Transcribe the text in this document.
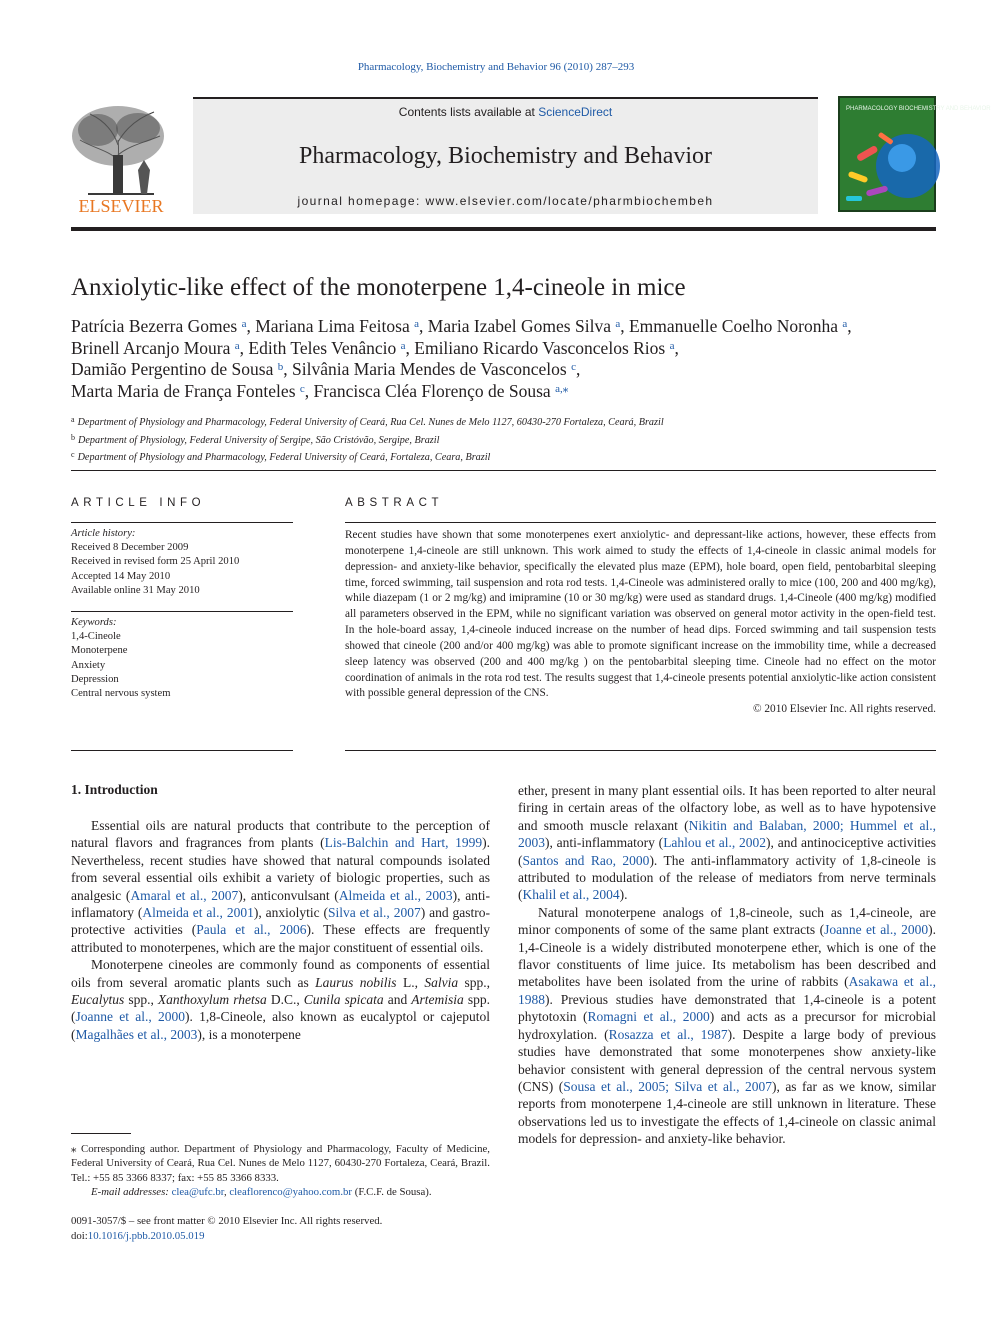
Pharmacology, Biochemistry and Behavior 96 (2010) 287–293
ELSEVIER
Contents lists available at ScienceDirect
Pharmacology, Biochemistry and Behavior
journal homepage: www.elsevier.com/locate/pharmbiochembeh
PHARMACOLOGY BIOCHEMISTRY AND BEHAVIOR
Anxiolytic-like effect of the monoterpene 1,4-cineole in mice
Patrícia Bezerra Gomes $^a$, Mariana Lima Feitosa $^a$, Maria Izabel Gomes Silva $^a$, Emmanuelle Coelho Noronha $^a$,
Brinell Arcanjo Moura $^a$, Edith Teles Venâncio $^a$, Emiliano Ricardo Vasconcelos Rios $^a$,
Damião Pergentino de Sousa $^b$, Silvânia Maria Mendes de Vasconcelos $^c$,
Marta Maria de França Fonteles $^c$, Francisca Cléa Florenço de Sousa $^{a,⁎}$
$^a$ Department of Physiology and Pharmacology, Federal University of Ceará, Rua Cel. Nunes de Melo 1127, 60430-270 Fortaleza, Ceará, Brazil
$^b$ Department of Physiology, Federal University of Sergipe, São Cristóvão, Sergipe, Brazil
$^c$ Department of Physiology and Pharmacology, Federal University of Ceará, Fortaleza, Ceara, Brazil
ARTICLE INFO
Article history:
Received 8 December 2009
Received in revised form 25 April 2010
Accepted 14 May 2010
Available online 31 May 2010
Keywords:
1,4-Cineole
Monoterpene
Anxiety
Depression
Central nervous system
ABSTRACT
Recent studies have shown that some monoterpenes exert anxiolytic- and depressant-like actions, however, these effects from monoterpene 1,4-cineole are still unknown. This work aimed to study the effects of 1,4-cineole in classic animal models for depression- and anxiety-like behavior, specifically the elevated plus maze (EPM), hole board, open field, pentobarbital sleeping time, forced swimming, tail suspension and rota rod tests. 1,4-Cineole was administered orally to mice (100, 200 and 400 mg/kg), while diazepam (1 or 2 mg/kg) and imipramine (10 or 30 mg/kg) were used as standard drugs. 1,4-Cineole (400 mg/kg) modified all parameters observed in the EPM, while no significant variation was observed on general motor activity in the open-field test. In the hole-board assay, 1,4-cineole induced increase on the number of head dips. Forced swimming and tail suspension tests showed that cineole (200 and/or 400 mg/kg) was able to promote significant increase on the immobility time, while a decreased sleep latency was observed (200 and 400 mg/kg ) on the pentobarbital sleeping time. Cineole had no effect on the motor coordination of animals in the rota rod test. The results suggest that 1,4-cineole presents potential anxiolytic-like action consistent with possible general depression of the CNS.
© 2010 Elsevier Inc. All rights reserved.
1. Introduction

Essential oils are natural products that contribute to the perception of natural flavors and fragrances from plants (Lis-Balchin and Hart, 1999). Nevertheless, recent studies have showed that natural compounds isolated from several essential oils exhibit a variety of biologic properties, such as analgesic (Amaral et al., 2007), anticonvulsant (Almeida et al., 2003), anti-inflamatory (Almeida et al., 2001), anxiolytic (Silva et al., 2007) and gastro-protective activities (Paula et al., 2006). These effects are frequently attributed to monoterpenes, which are the major constituent of essential oils.

Monoterpene cineoles are commonly found as components of essential oils from several aromatic plants such as Laurus nobilis L., Salvia spp., Eucalytus spp., Xanthoxylum rhetsa D.C., Cunila spicata and Artemisia spp. (Joanne et al., 2000). 1,8-Cineole, also known as eucalyptol or cajeputol (Magalhães et al., 2003), is a monoterpene

ether, present in many plant essential oils. It has been reported to alter neural firing in certain areas of the olfactory lobe, as well as to have hypotensive and smooth muscle relaxant (Nikitin and Balaban, 2000; Hummel et al., 2003), anti-inflammatory (Lahlou et al., 2002), and antinociceptive activities (Santos and Rao, 2000). The anti-inflammatory activity of 1,8-cineole is attributed to modulation of the release of mediators from nerve terminals (Khalil et al., 2004).

Natural monoterpene analogs of 1,8-cineole, such as 1,4-cineole, are minor components of some of the same plant extracts (Joanne et al., 2000). 1,4-Cineole is a widely distributed monoterpene ether, which is one of the flavor constituents of lime juice. Its metabolism has been described and metabolites have been isolated from the urine of rabbits (Asakawa et al., 1988). Previous studies have demonstrated that 1,4-cineole is a potent phytotoxin (Romagni et al., 2000) and acts as a precursor for microbial hydroxylation. (Rosazza et al., 1987). Despite a large body of previous studies have demonstrated that some monoterpenes show anxiety-like behavior consistent with general depression of the central nervous system (CNS) (Sousa et al., 2005; Silva et al., 2007), as far as we know, similar reports from monoterpene 1,4-cineole are still unknown in literature. These observations led us to investigate the effects of 1,4-cineole on classic animal models for depression- and anxiety-like behavior.

⁎ Corresponding author. Department of Physiology and Pharmacology, Faculty of Medicine, Federal University of Ceará, Rua Cel. Nunes de Melo 1127, 60430-270 Fortaleza, Ceará, Brazil. Tel.: +55 85 3366 8337; fax: +55 85 3366 8333.
E-mail addresses: clea@ufc.br, cleaflorenco@yahoo.com.br (F.C.F. de Sousa).
0091-3057/$ – see front matter © 2010 Elsevier Inc. All rights reserved.
doi:10.1016/j.pbb.2010.05.019
